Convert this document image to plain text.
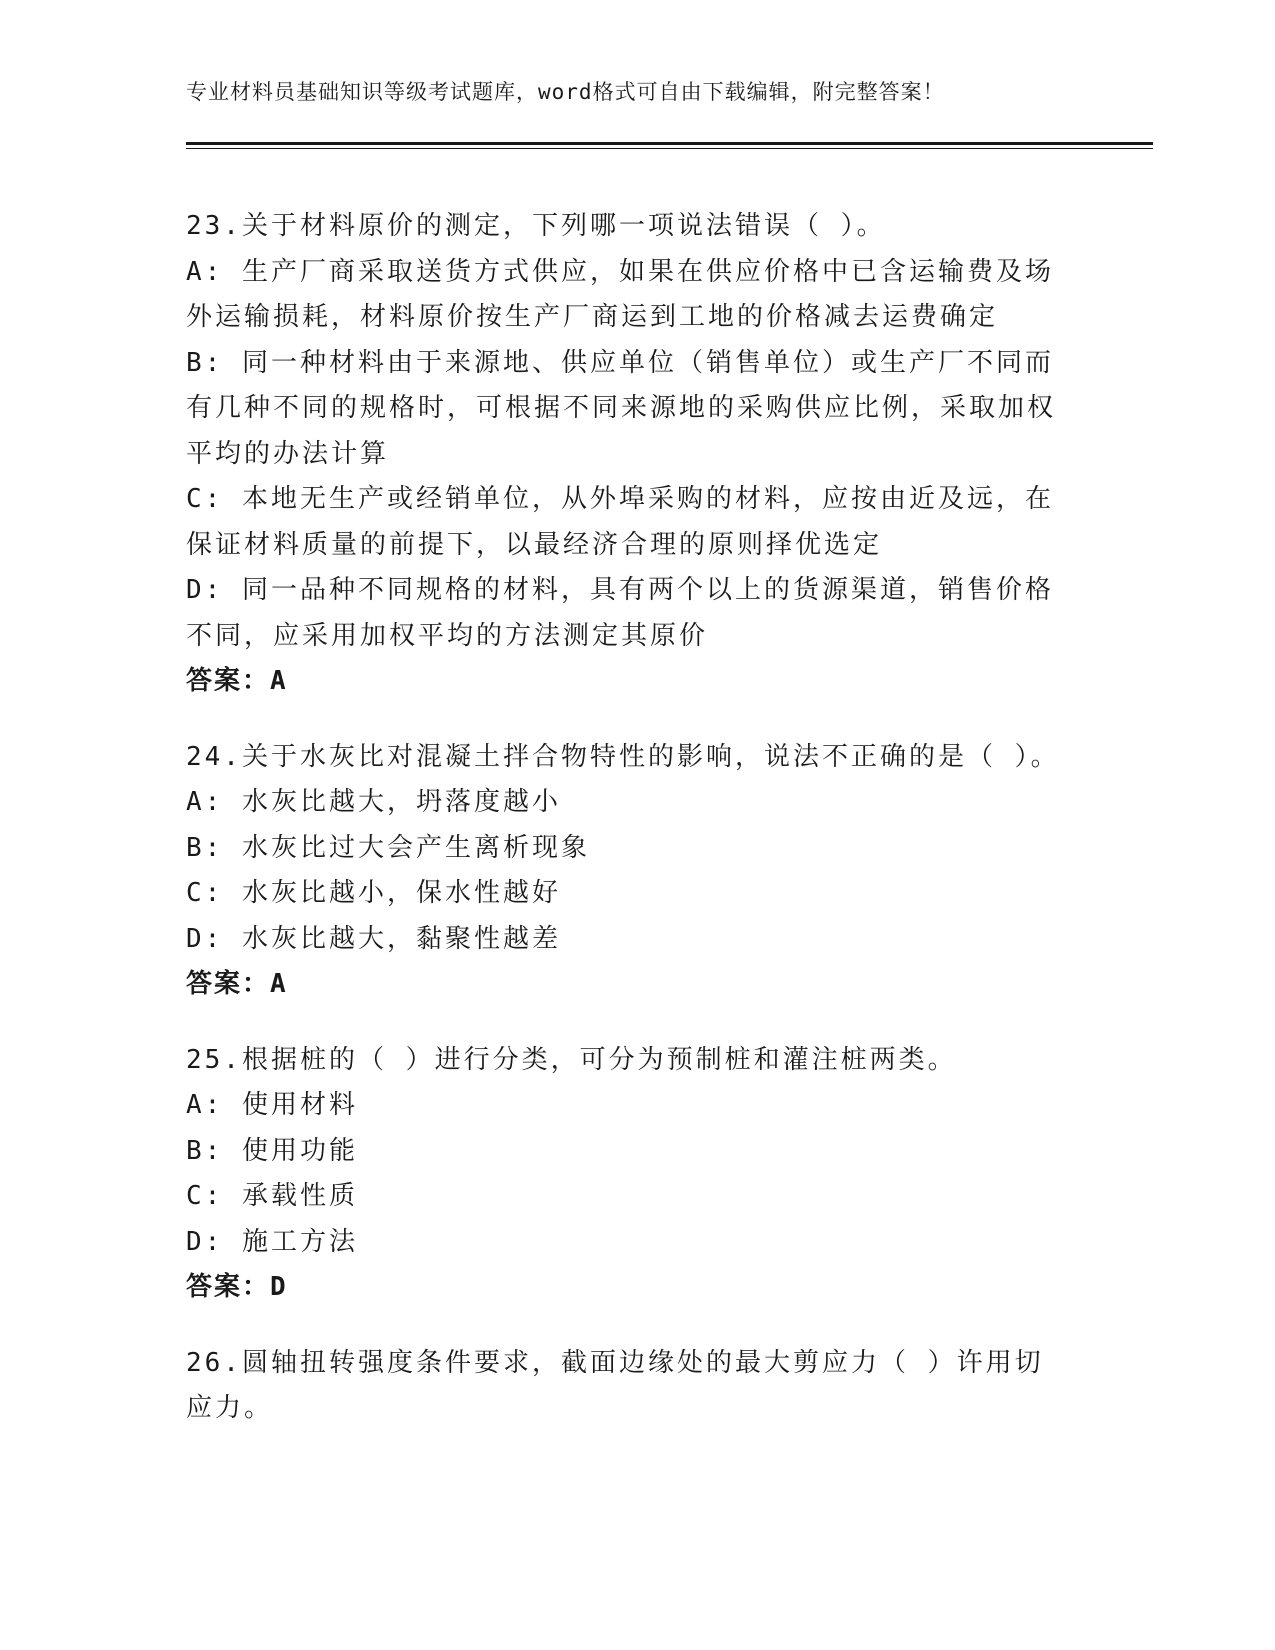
专业材料员基础知识等级考试题库，word格式可自由下载编辑，附完整答案！
23.关于材料原价的测定，下列哪一项说法错误（ ）。
A: 生产厂商采取送货方式供应，如果在供应价格中已含运输费及场外运输损耗，材料原价按生产厂商运到工地的价格减去运费确定
B: 同一种材料由于来源地、供应单位（销售单位）或生产厂不同而有几种不同的规格时，可根据不同来源地的采购供应比例，采取加权平均的办法计算
C: 本地无生产或经销单位，从外埠采购的材料，应按由近及远，在保证材料质量的前提下，以最经济合理的原则择优选定
D: 同一品种不同规格的材料，具有两个以上的货源渠道，销售价格不同，应采用加权平均的方法测定其原价
答案：A
24.关于水灰比对混凝土拌合物特性的影响，说法不正确的是（ ）。
A: 水灰比越大，坍落度越小
B: 水灰比过大会产生离析现象
C: 水灰比越小，保水性越好
D: 水灰比越大，黏聚性越差
答案：A
25.根据桩的（ ）进行分类，可分为预制桩和灌注桩两类。
A: 使用材料
B: 使用功能
C: 承载性质
D: 施工方法
答案：D
26.圆轴扭转强度条件要求，截面边缘处的最大剪应力（ ）许用切应力。
